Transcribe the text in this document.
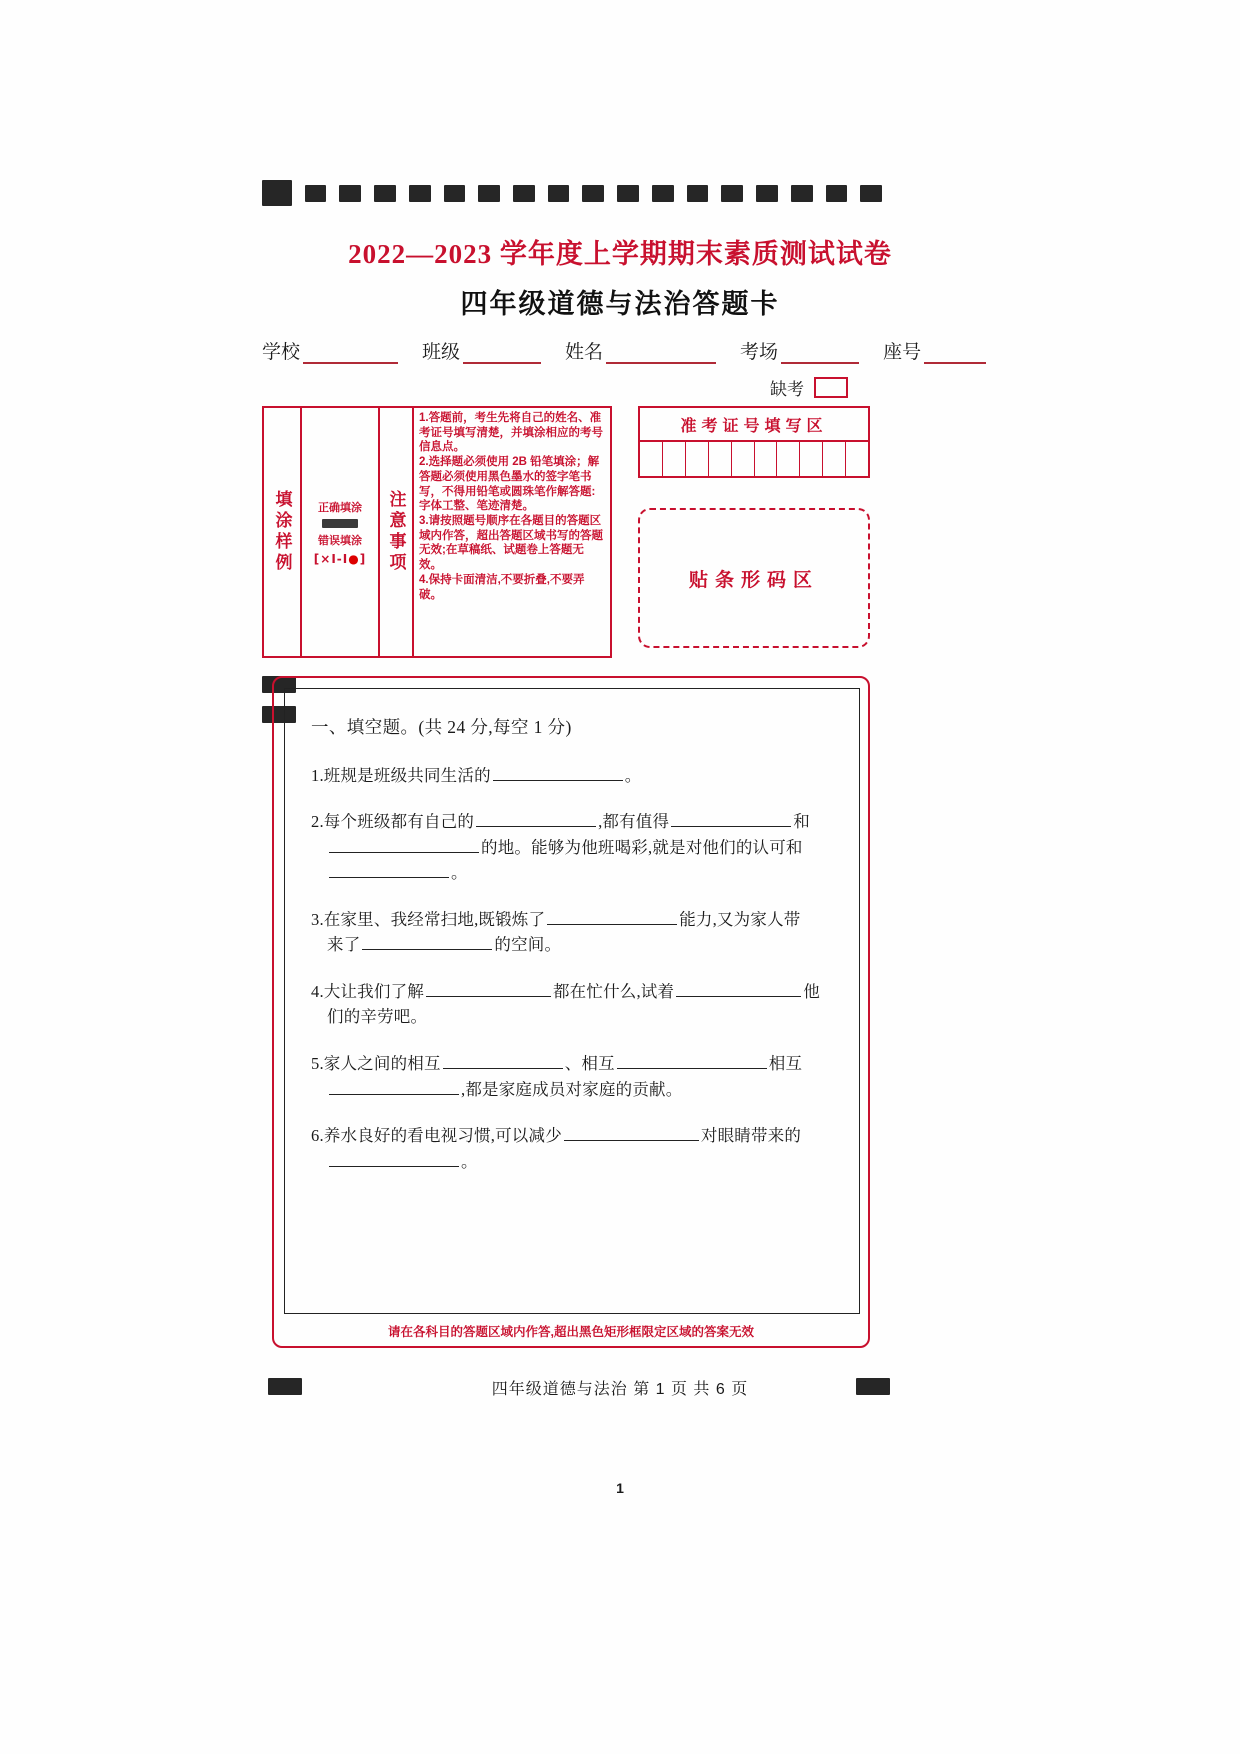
2022—2023 学年度上学期期末素质测试试卷
四年级道德与法治答题卡
学校	班级	姓名	考场	座号
缺考
填涂样例 正确填涂
错误填涂
[×I-I●] 注意事项

1.答题前，考生先将自己的姓名、准考证号填写清楚，并填涂相应的考号信息点。

2.选择题必须使用 2B 铅笔填涂；解答题必须使用黑色墨水的签字笔书写，不得用铅笔或圆珠笔作解答题:字体工整、笔迹清楚。

3.请按照题号顺序在各题目的答题区域内作答，超出答题区域书写的答题无效;在草稿纸、试题卷上答题无效。

4.保持卡面清洁,不要折叠,不要弄破。

准考证号填写区
贴条形码区
一、填空题。(共 24 分,每空 1 分)
1.班规是班级共同生活的	。
2.每个班级都有自己的	,都有值得	和
的地。能够为他班喝彩,就是对他们的认可和
。
3.在家里、我经常扫地,既锻炼了	能力,又为家人带
来了	的空间。
4.大让我们了解	都在忙什么,试着	他
们的辛劳吧。
5.家人之间的相互	、相互	相互
,都是家庭成员对家庭的贡献。
6.养水良好的看电视习惯,可以减少	对眼睛带来的
。
请在各科目的答题区域内作答,超出黑色矩形框限定区域的答案无效
四年级道德与法治 第 1 页 共 6 页
1
